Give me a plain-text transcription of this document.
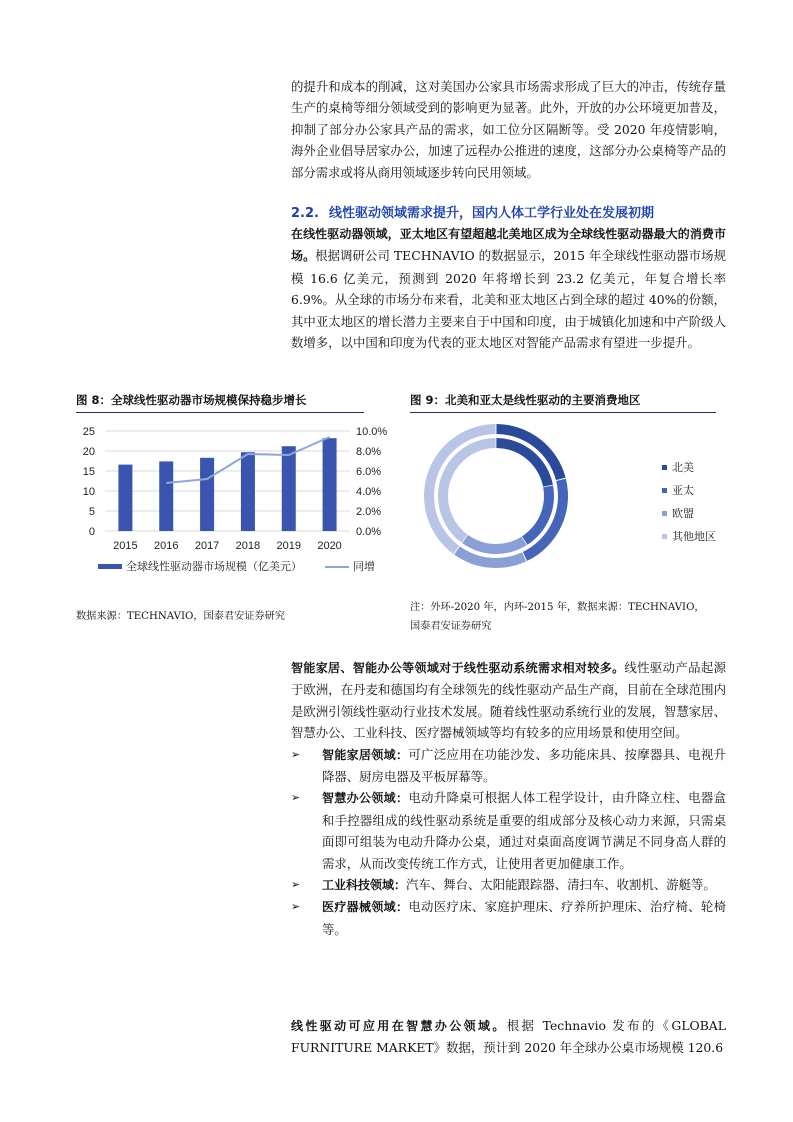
的提升和成本的削减，这对美国办公家具市场需求形成了巨大的冲击，传统存量生产的桌椅等细分领域受到的影响更为显著。此外，开放的办公环境更加普及，抑制了部分办公家具产品的需求，如工位分区隔断等。受 2020 年疫情影响，海外企业倡导居家办公，加速了远程办公推进的速度，这部分办公桌椅等产品的部分需求或将从商用领域逐步转向民用领域。

2.2. 线性驱动领域需求提升，国内人体工学行业处在发展初期

在线性驱动器领域，亚太地区有望超越北美地区成为全球线性驱动器最大的消费市场。根据调研公司 TECHNAVIO 的数据显示，2015 年全球线性驱动器市场规模 16.6 亿美元，预测到 2020 年将增长到 23.2 亿美元，年复合增长率 6.9%。从全球的市场分布来看，北美和亚太地区占到全球的超过 40%的份额，其中亚太地区的增长潜力主要来自于中国和印度，由于城镇化加速和中产阶级人数增多，以中国和印度为代表的亚太地区对智能产品需求有望进一步提升。

图 8：全球线性驱动器市场规模保持稳步增长
0
5
10
15
20
25
0.0%
2.0%
4.0%
6.0%
8.0%
10.0%
2015 2016 2017 2018 2019 2020
全球线性驱动器市场规模（亿美元）	同增
数据来源：TECHNAVIO，国泰君安证券研究
图 9：北美和亚太是线性驱动的主要消费地区
北美
亚太
欧盟
其他地区
注：外环-2020 年，内环-2015 年，数据来源：TECHNAVIO，
国泰君安证券研究

智能家居、智能办公等领域对于线性驱动系统需求相对较多。线性驱动产品起源于欧洲，在丹麦和德国均有全球领先的线性驱动产品生产商，目前在全球范围内是欧洲引领线性驱动行业技术发展。随着线性驱动系统行业的发展，智慧家居、智慧办公、工业科技、医疗器械领域等均有较多的应用场景和使用空间。

➢ 智能家居领域：可广泛应用在功能沙发、多功能床具、按摩器具、电视升降器、厨房电器及平板屏幕等。

➢ 智慧办公领域：电动升降桌可根据人体工程学设计，由升降立柱、电器盒和手控器组成的线性驱动系统是重要的组成部分及核心动力来源，只需桌面即可组装为电动升降办公桌，通过对桌面高度调节满足不同身高人群的需求，从而改变传统工作方式，让使用者更加健康工作。

➢ 工业科技领域：汽车、舞台、太阳能跟踪器、清扫车、收割机、游艇等。

➢ 医疗器械领域：电动医疗床、家庭护理床、疗养所护理床、治疗椅、轮椅等。

线性驱动可应用在智慧办公领域。根据 Technavio 发布的《GLOBAL FURNITURE MARKET》数据，预计到 2020 年全球办公桌市场规模 120.6
